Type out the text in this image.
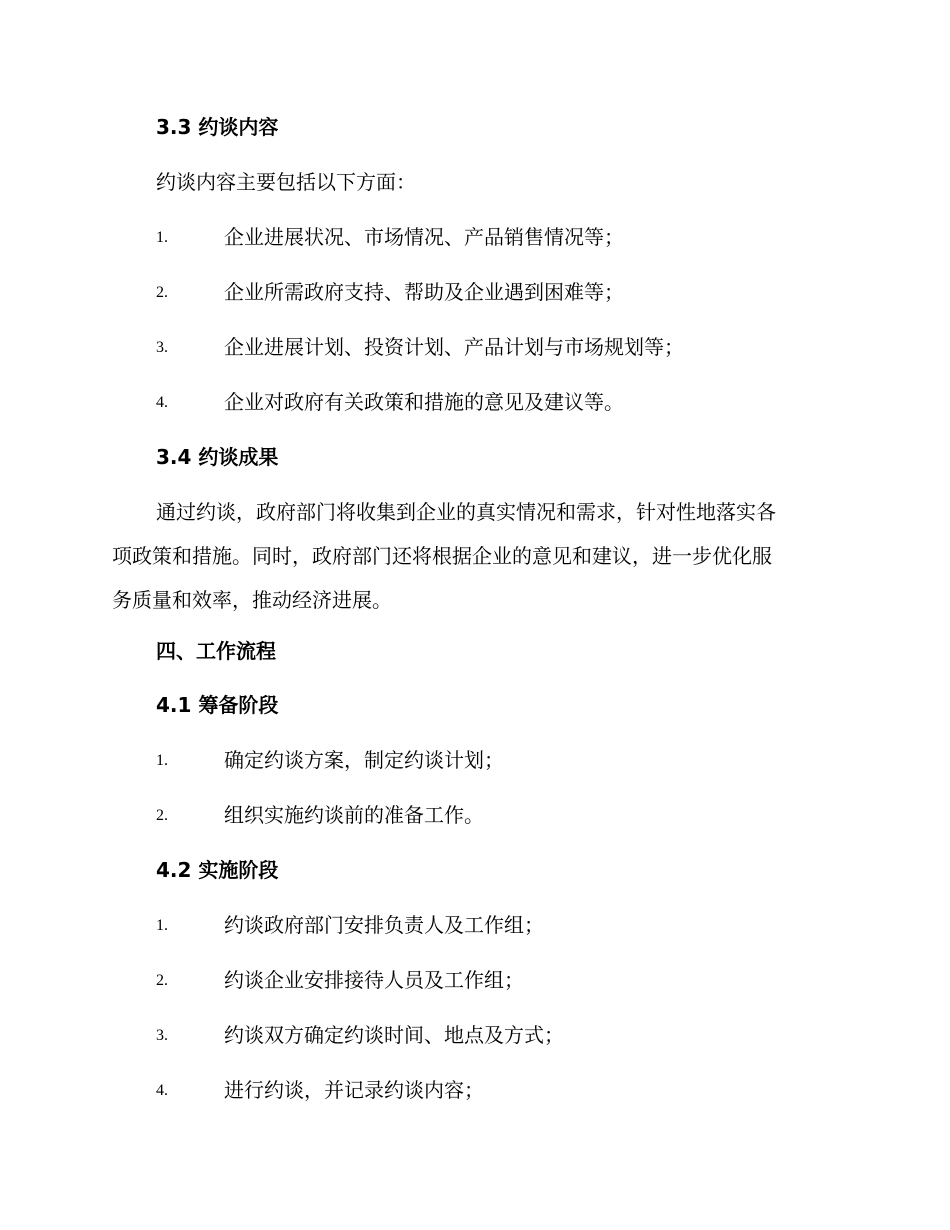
3.3 约谈内容
约谈内容主要包括以下方面：
1.	企业进展状况、市场情况、产品销售情况等；
2.	企业所需政府支持、帮助及企业遇到困难等；
3.	企业进展计划、投资计划、产品计划与市场规划等；
4.	企业对政府有关政策和措施的意见及建议等。
3.4 约谈成果
通过约谈，政府部门将收集到企业的真实情况和需求，针对性地落实各
项政策和措施。同时，政府部门还将根据企业的意见和建议，进一步优化服
务质量和效率，推动经济进展。
四、工作流程
4.1 筹备阶段
1.	确定约谈方案，制定约谈计划；
2.	组织实施约谈前的准备工作。
4.2 实施阶段
1.	约谈政府部门安排负责人及工作组；
2.	约谈企业安排接待人员及工作组；
3.	约谈双方确定约谈时间、地点及方式；
4.	进行约谈，并记录约谈内容；
